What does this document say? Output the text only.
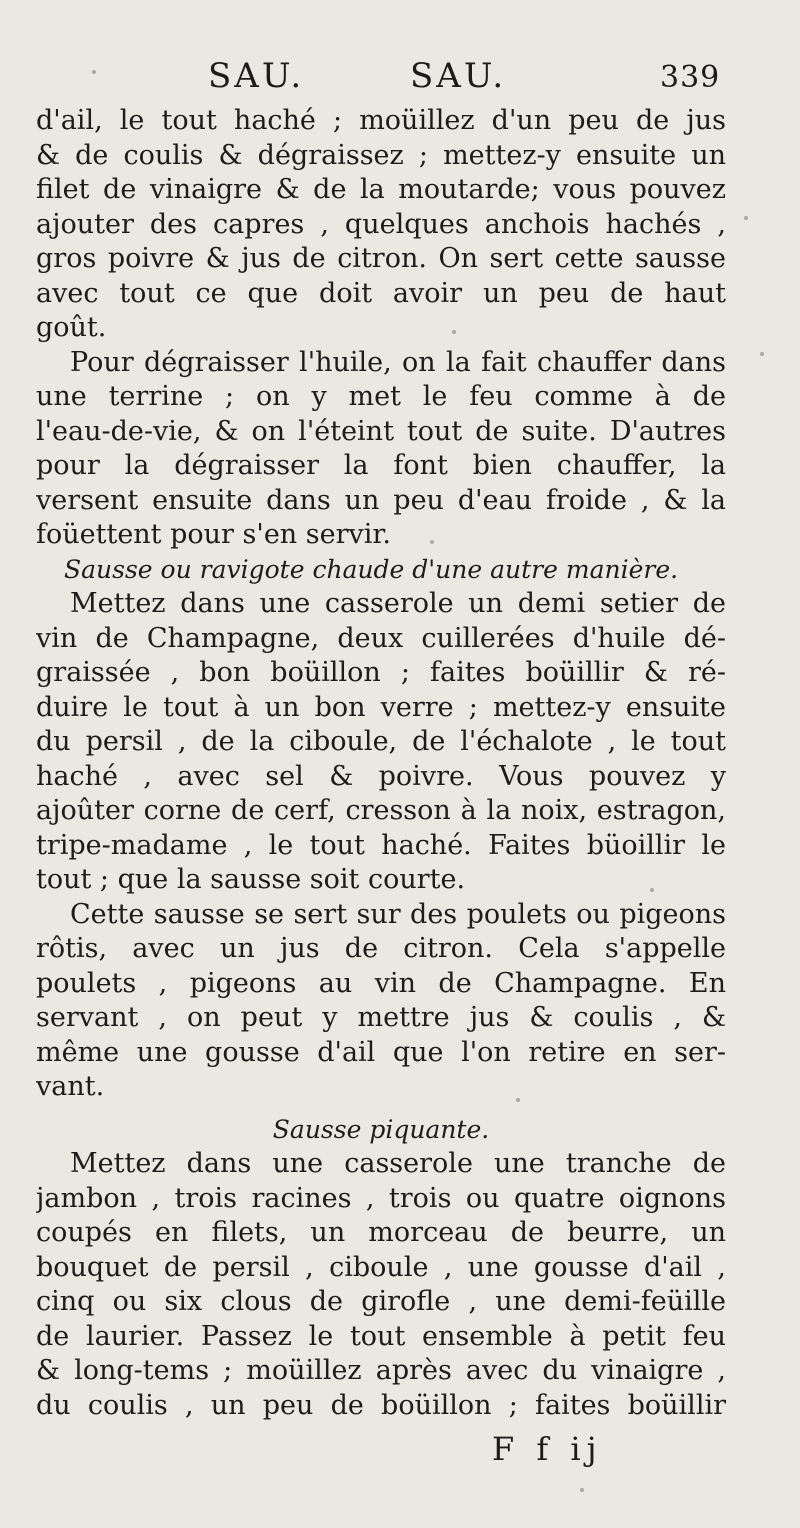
SAU.	SAU.	339
d'ail, le tout haché ; moüillez d'un peu de jus
& de coulis & dégraissez ; mettez-y ensuite un
filet de vinaigre & de la moutarde; vous pouvez
ajouter des capres , quelques anchois hachés ,
gros poivre & jus de citron. On sert cette sausse
avec tout ce que doit avoir un peu de haut
goût.
Pour dégraisser l'huile, on la fait chauffer dans
une terrine ; on y met le feu comme à de
l'eau-de-vie, & on l'éteint tout de suite. D'autres
pour la dégraisser la font bien chauffer, la
versent ensuite dans un peu d'eau froide , & la
foüettent pour s'en servir.
Sausse ou ravigote chaude d'une autre manière.
Mettez dans une casserole un demi setier de
vin de Champagne, deux cuillerées d'huile dé-
graissée , bon boüillon ; faites boüillir & ré-
duire le tout à un bon verre ; mettez-y ensuite
du persil , de la ciboule, de l'échalote , le tout
haché , avec sel & poivre. Vous pouvez y
ajoûter corne de cerf, cresson à la noix, estragon,
tripe-madame , le tout haché. Faites büoillir le
tout ; que la sausse soit courte.
Cette sausse se sert sur des poulets ou pigeons
rôtis, avec un jus de citron. Cela s'appelle
poulets , pigeons au vin de Champagne. En
servant , on peut y mettre jus & coulis , &
même une gousse d'ail que l'on retire en ser-
vant.
Sausse piquante.
Mettez dans une casserole une tranche de
jambon , trois racines , trois ou quatre oignons
coupés en filets, un morceau de beurre, un
bouquet de persil , ciboule , une gousse d'ail ,
cinq ou six clous de girofle , une demi-feüille
de laurier. Passez le tout ensemble à petit feu
& long-tems ; moüillez après avec du vinaigre ,
du coulis , un peu de boüillon ; faites boüillir
F f ij
